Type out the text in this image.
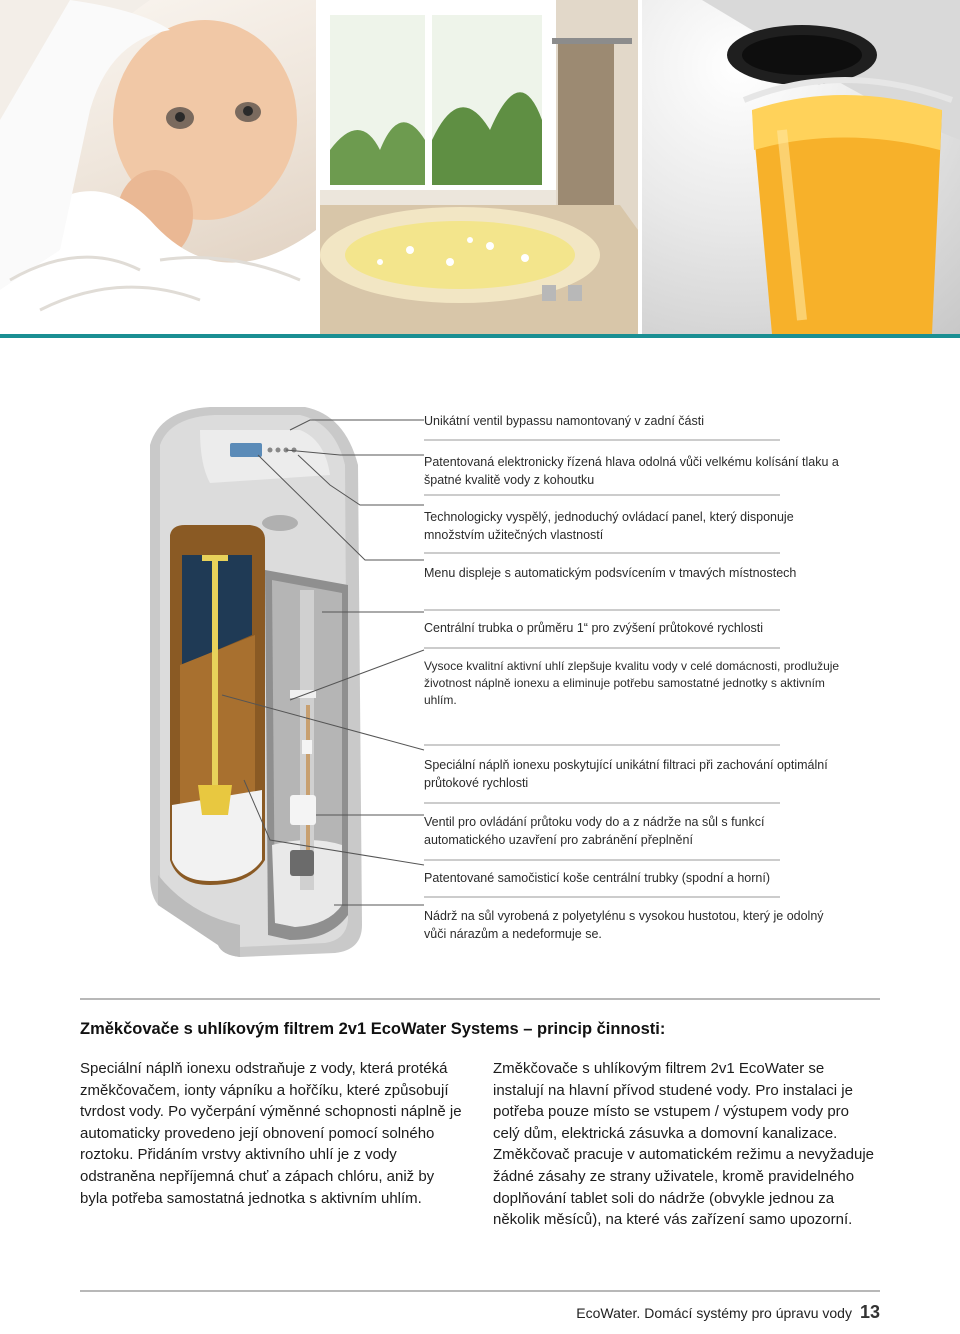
Unikátní ventil bypassu namontovaný v zadní části
Patentovaná elektronicky řízená hlava odolná vůči velkému kolísání tlaku a špatné kvalitě vody z kohoutku
Technologicky vyspělý, jednoduchý ovládací panel, který disponuje množstvím užitečných vlastností
Menu displeje s automatickým podsvícením v tmavých místnostech
Centrální trubka o průměru 1“ pro zvýšení průtokové rychlosti
Vysoce kvalitní aktivní uhlí zlepšuje kvalitu vody v celé domácnosti, prodlužuje životnost náplně ionexu a eliminuje potřebu samostatné jednotky s aktivním uhlím.
Speciální náplň ionexu poskytující unikátní filtraci při zachování optimální průtokové rychlosti
Ventil pro ovládání průtoku vody do a z nádrže na sůl s funkcí automatického uzavření pro zabránění přeplnění
Patentované samočisticí koše centrální trubky (spodní a horní)
Nádrž na sůl vyrobená z polyetylénu s vysokou hustotou, který je odolný vůči nárazům a nedeformuje se.
Změkčovače s uhlíkovým filtrem 2v1 EcoWater Systems – princip činnosti:
Speciální náplň ionexu odstraňuje z vody, která protéká změkčovačem, ionty vápníku a hořčíku, které způsobují tvrdost vody. Po vyčerpání výměnné schopnosti náplně je automaticky provedeno její obnovení pomocí solného roztoku. Přidáním vrstvy aktivního uhlí je z vody odstraněna nepříjemná chuť a zápach chlóru, aniž by byla potřeba samostatná jednotka s aktivním uhlím.
Změkčovače s uhlíkovým filtrem 2v1 EcoWater se instalují na hlavní přívod studené vody. Pro instalaci je potřeba pouze místo se vstupem / výstupem vody pro celý dům, elektrická zásuvka a domovní kanalizace. Změkčovač pracuje v automatickém režimu a nevyžaduje žádné zásahy ze strany uživatele, kromě pravidelného doplňování tablet soli do nádrže (obvykle jednou za několik měsíců), na které vás zařízení samo upozorní.
EcoWater. Domácí systémy pro úpravu vody 13
